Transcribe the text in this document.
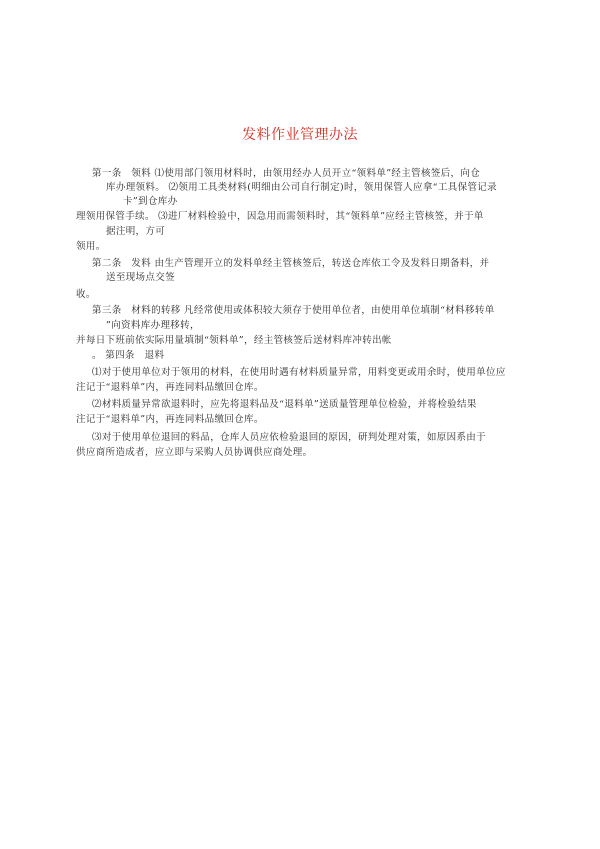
发料作业管理办法
第一条　领料 ⑴使用部门领用材料时，由领用经办人员开立“领料单”经主管核签后，向仓
库办理领料。 ⑵领用工具类材料(明细由公司自行制定)时，领用保管人应拿“工具保管记录
卡”到仓库办
理领用保管手续。 ⑶进厂材料检验中，因急用而需领料时，其“领料单”应经主管核签，并于单
据注明，方可
领用。
第二条　发料 由生产管理开立的发料单经主管核签后，转送仓库依工令及发料日期备料，并
送至现场点交签
收。
第三条　材料的转移 凡经常使用或体积较大须存于使用单位者，由使用单位填制“材料移转单
”向资料库办理移转，
并每日下班前依实际用量填制“领料单”，经主管核签后送材料库冲转出帐
。 第四条　退料
⑴对于使用单位对于领用的材料，在使用时遇有材料质量异常，用料变更或用余时，使用单位应
注记于“退料单”内，再连同料品缴回仓库。
⑵材料质量异常欲退料时，应先将退料品及“退料单”送质量管理单位检验，并将检验结果
注记于“退料单”内，再连同料品缴回仓库。
⑶对于使用单位退回的料品，仓库人员应依检验退回的原因，研判处理对策，如原因系由于
供应商所造成者，应立即与采购人员协调供应商处理。
